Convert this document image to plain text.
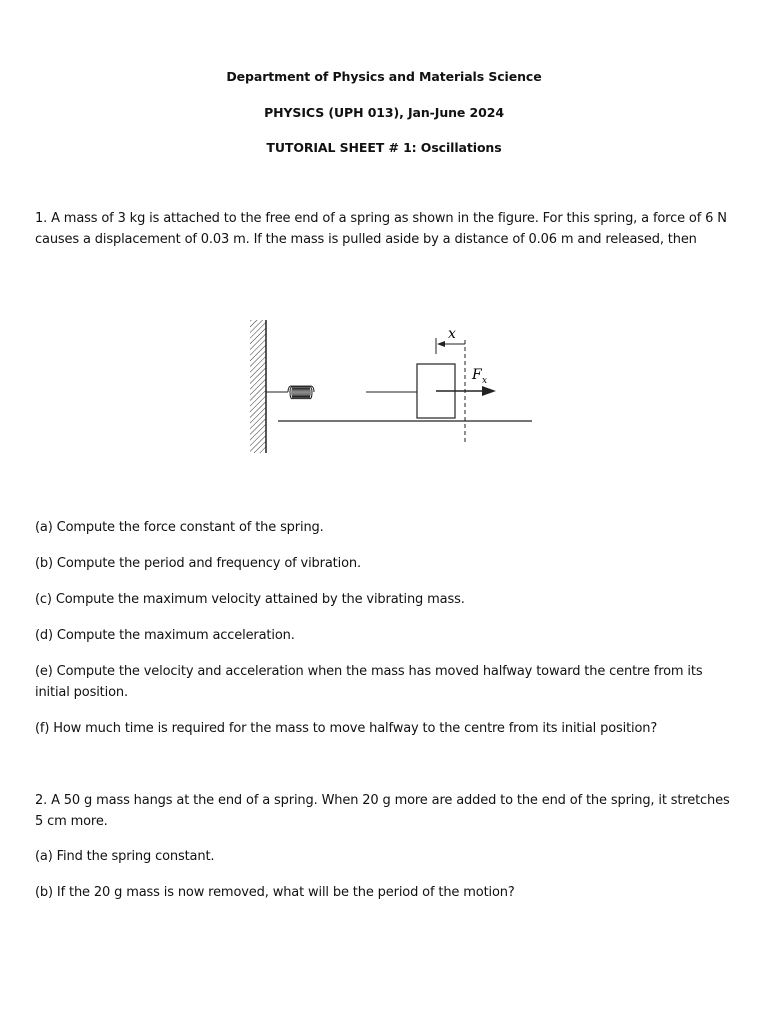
Department of Physics and Materials Science
PHYSICS (UPH 013), Jan-June 2024
TUTORIAL SHEET # 1: Oscillations
1. A mass of 3 kg is attached to the free end of a spring as shown in the figure. For this spring, a force of 6 N causes a displacement of 0.03 m. If the mass is pulled aside by a distance of 0.06 m and released, then
x
F x
(a) Compute the force constant of the spring.
(b) Compute the period and frequency of vibration.
(c) Compute the maximum velocity attained by the vibrating mass.
(d) Compute the maximum acceleration.
(e) Compute the velocity and acceleration when the mass has moved halfway toward the centre from its initial position.
(f) How much time is required for the mass to move halfway to the centre from its initial position?
2. A 50 g mass hangs at the end of a spring. When 20 g more are added to the end of the spring, it stretches 5 cm more.
(a) Find the spring constant.
(b) If the 20 g mass is now removed, what will be the period of the motion?
